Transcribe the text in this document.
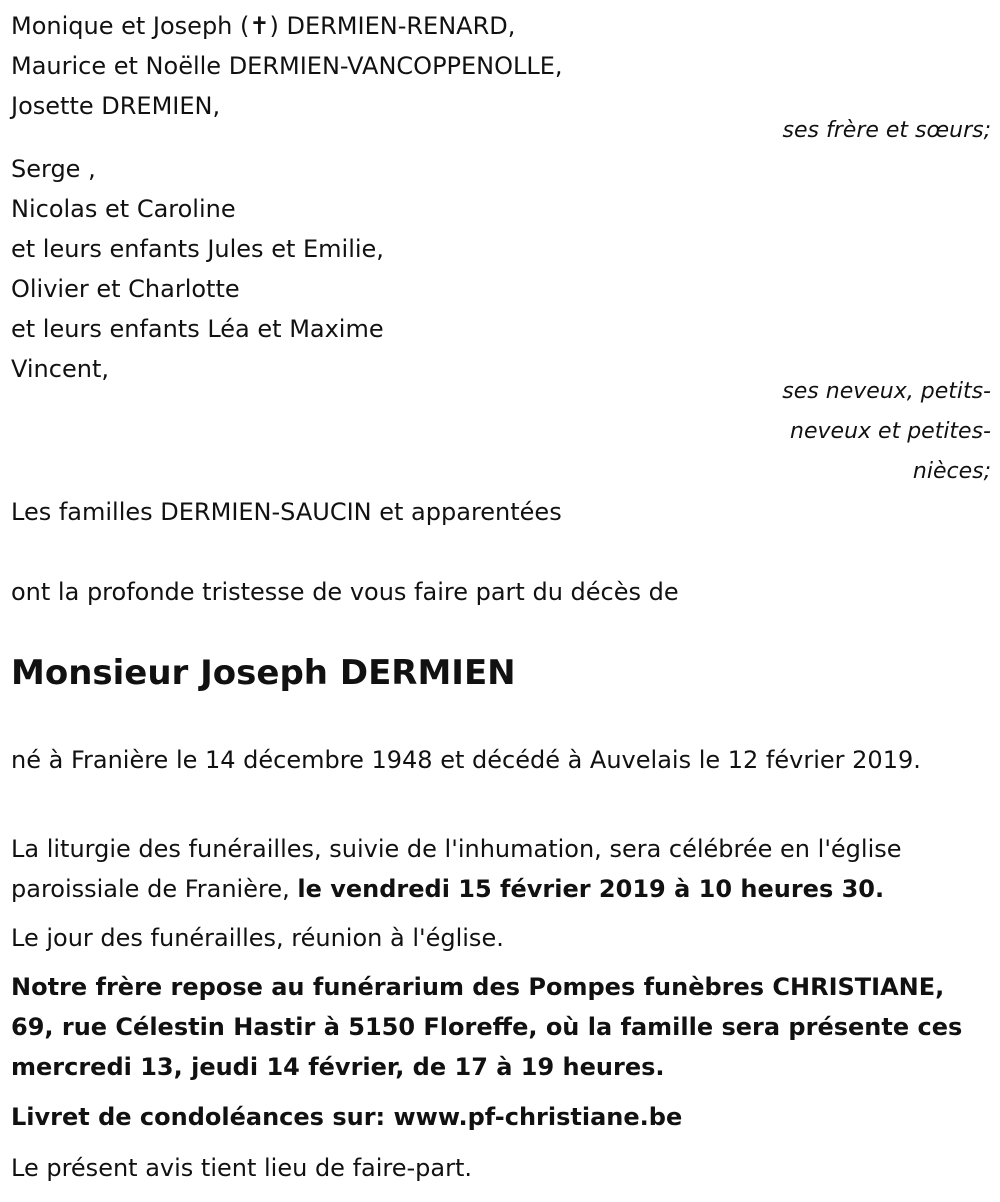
Monique et Joseph (✝) DERMIEN-RENARD,
Maurice et Noëlle DERMIEN-VANCOPPENOLLE,
Josette DREMIEN,
ses frère et sœurs;
Serge ,
Nicolas et Caroline
et leurs enfants Jules et Emilie,
Olivier et Charlotte
et leurs enfants Léa et Maxime
Vincent,
ses neveux, petits-neveux et petites-nièces;
Les familles DERMIEN-SAUCIN et apparentées
ont la profonde tristesse de vous faire part du décès de
Monsieur Joseph DERMIEN
né à Franière le 14 décembre 1948 et décédé à Auvelais le 12 février 2019.
La liturgie des funérailles, suivie de l'inhumation, sera célébrée en l'église paroissiale de Franière, le vendredi 15 février 2019 à 10 heures 30.
Le jour des funérailles, réunion à l'église.
Notre frère repose au funérarium des Pompes funèbres CHRISTIANE, 69, rue Célestin Hastir à 5150 Floreffe, où la famille sera présente ces mercredi 13, jeudi 14 février, de 17 à 19 heures.
Livret de condoléances sur: www.pf-christiane.be
Le présent avis tient lieu de faire-part.
